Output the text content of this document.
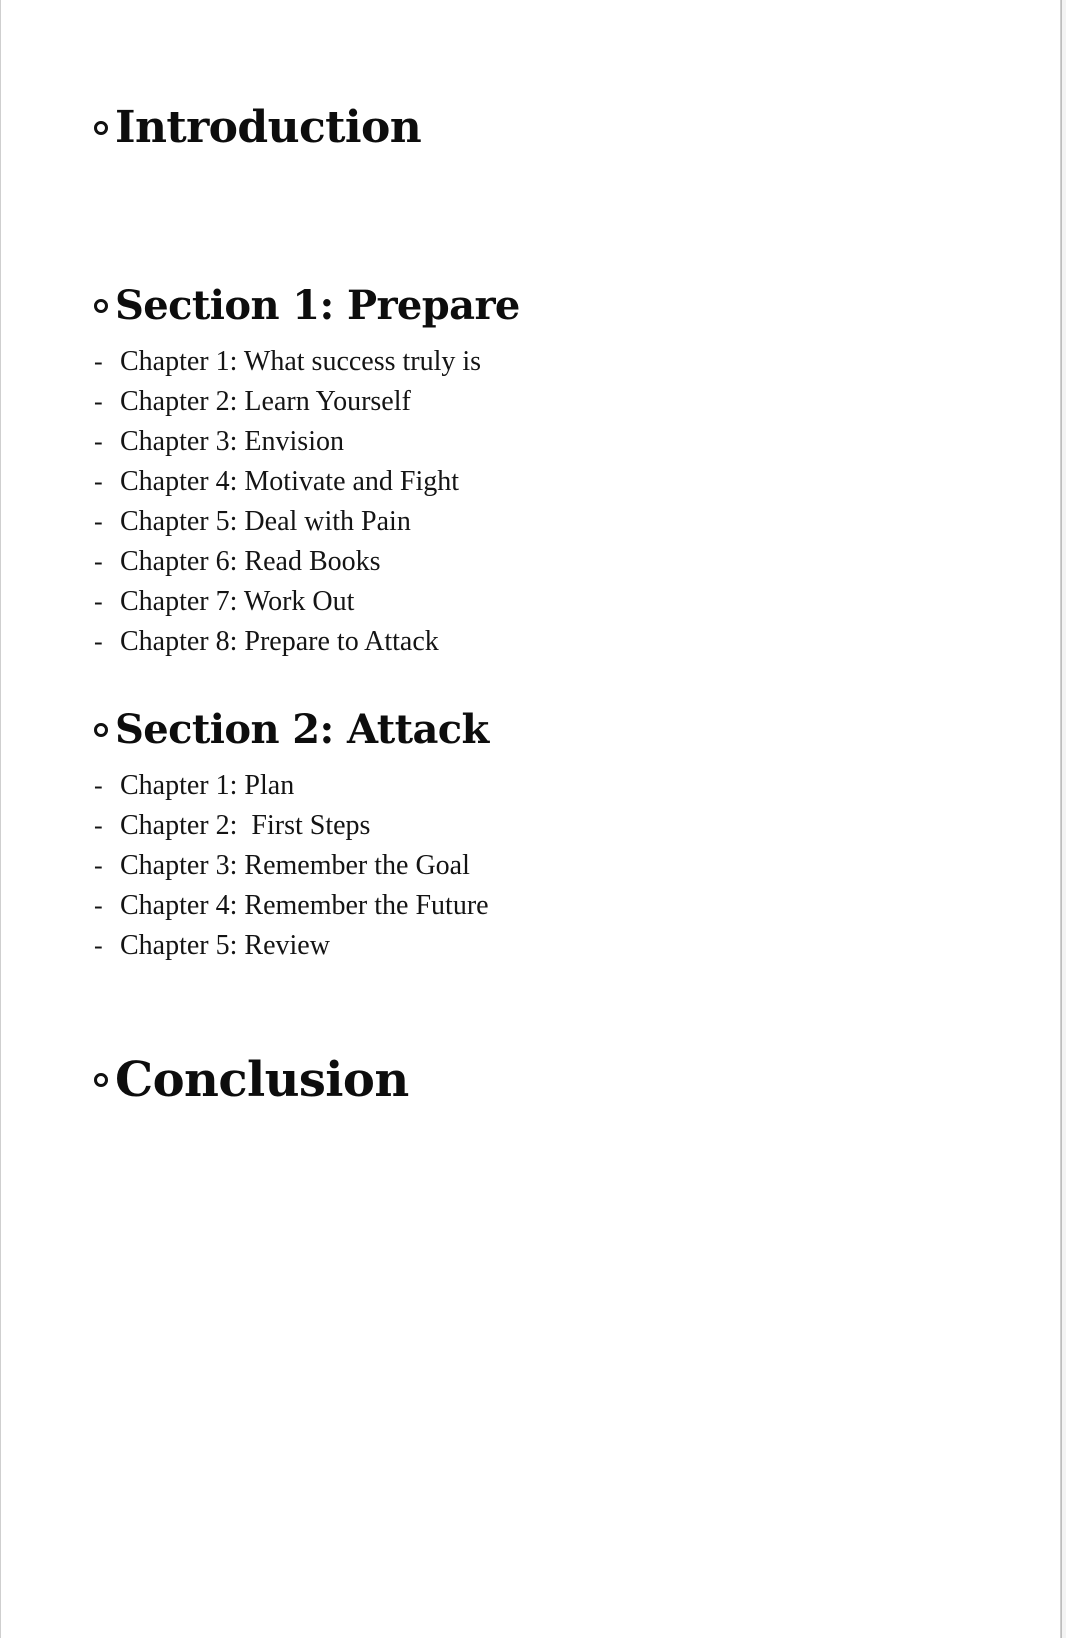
Introduction
Section 1: Prepare
- Chapter 1: What success truly is
- Chapter 2: Learn Yourself
- Chapter 3: Envision
- Chapter 4: Motivate and Fight
- Chapter 5: Deal with Pain
- Chapter 6: Read Books
- Chapter 7: Work Out
- Chapter 8: Prepare to Attack
Section 2: Attack
- Chapter 1: Plan
- Chapter 2:  First Steps
- Chapter 3: Remember the Goal
- Chapter 4: Remember the Future
- Chapter 5: Review
Conclusion
